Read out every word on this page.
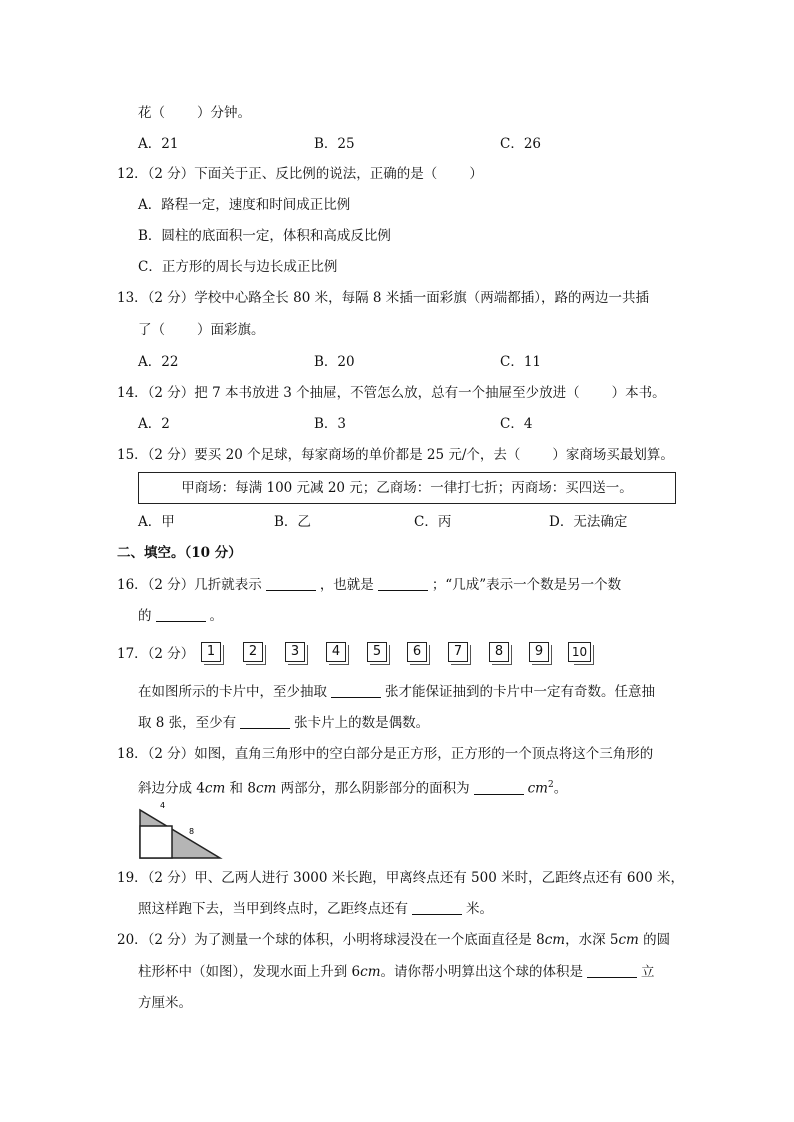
花（ ）分钟。
A．21	B．25	C．26
12．（2 分）下面关于正、反比例的说法，正确的是（ ）
A．路程一定，速度和时间成正比例
B．圆柱的底面积一定，体积和高成反比例
C．正方形的周长与边长成正比例
13．（2 分）学校中心路全长 80 米，每隔 8 米插一面彩旗（两端都插），路的两边一共插
了（ ）面彩旗。
A．22	B．20	C．11
14．（2 分）把 7 本书放进 3 个抽屉，不管怎么放，总有一个抽屉至少放进（ ）本书。
A．2	B．3	C．4
15．（2 分）要买 20 个足球，每家商场的单价都是 25 元/个，去（ ）家商场买最划算。
甲商场：每满 100 元减 20 元；乙商场：一律打七折；丙商场：买四送一。
A．甲	B．乙	C．丙	D．无法确定
二、填空。（10 分）
16．（2 分）几折就表示	，也就是	；“几成”表示一个数是另一个数
的	。
17．（2 分） 1	2	3	4	5	6	7	8	9	10
在如图所示的卡片中，至少抽取	张才能保证抽到的卡片中一定有奇数。任意抽
取 8 张，至少有	张卡片上的数是偶数。
18．（2 分）如图，直角三角形中的空白部分是正方形，正方形的一个顶点将这个三角形的
斜边分成 4cm 和 8cm 两部分，那么阴影部分的面积为	$cm^2$。
4
8
19．（2 分）甲、乙两人进行 3000 米长跑，甲离终点还有 500 米时，乙距终点还有 600 米，
照这样跑下去，当甲到终点时，乙距终点还有	米。
20．（2 分）为了测量一个球的体积，小明将球浸没在一个底面直径是 8cm，水深 5cm 的圆
柱形杯中（如图），发现水面上升到 6cm。请你帮小明算出这个球的体积是	立
方厘米。
